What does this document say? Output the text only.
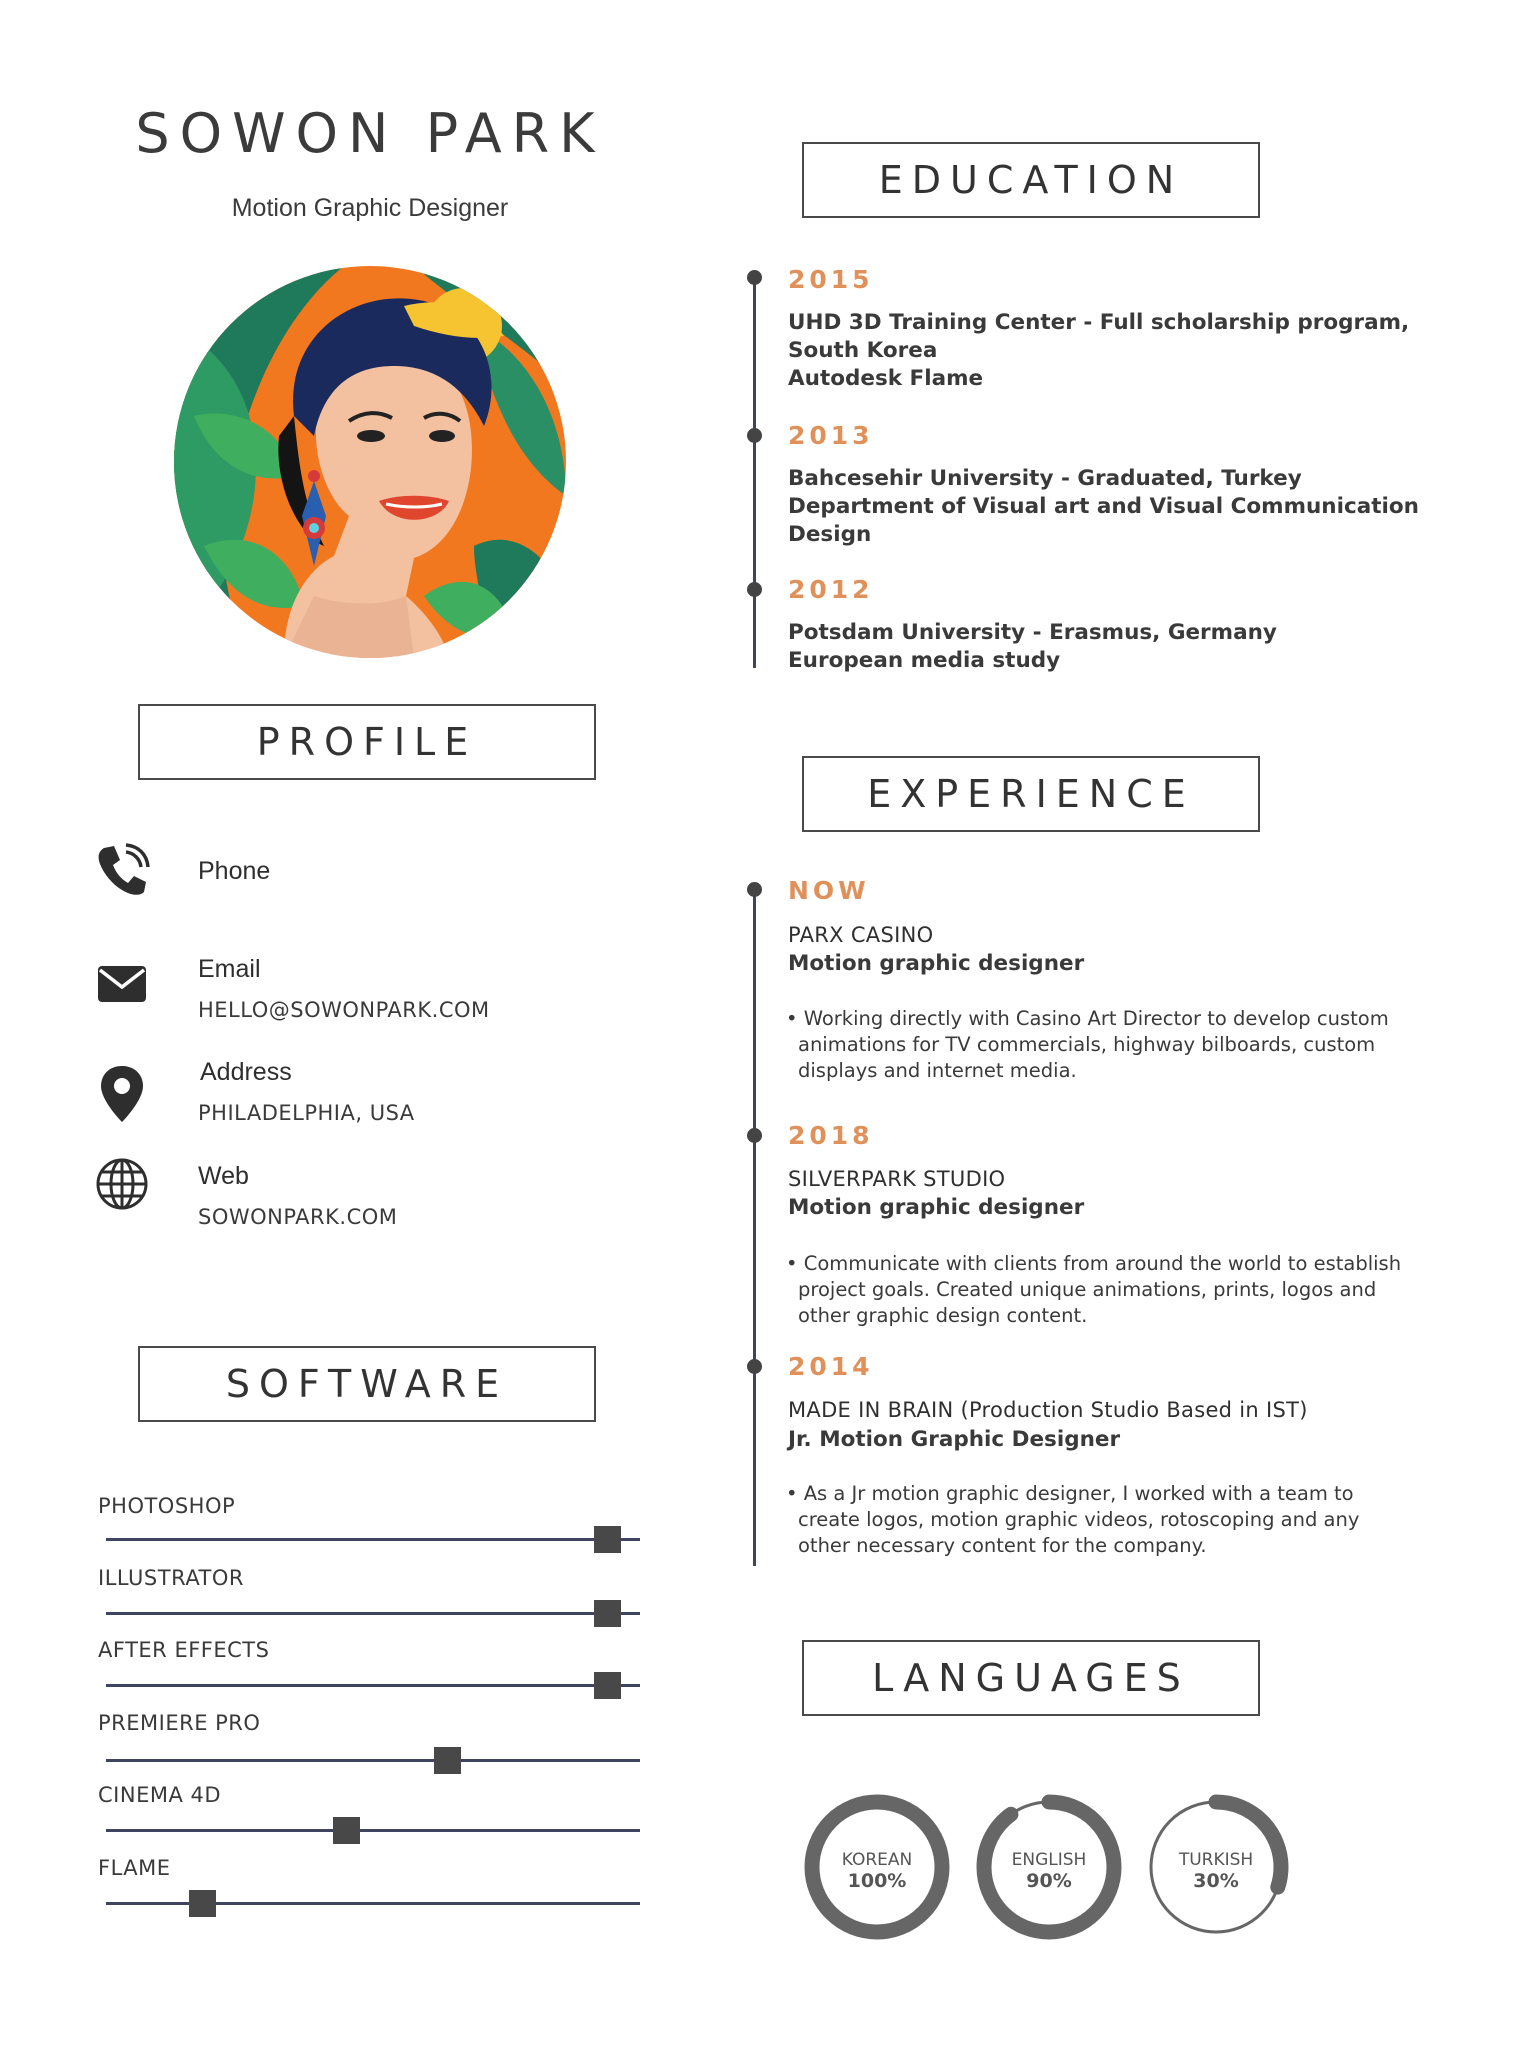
SOWON PARK
Motion Graphic Designer
PROFILE
Phone
Email
HELLO@SOWONPARK.COM
Address
PHILADELPHIA, USA
Web
SOWONPARK.COM
SOFTWARE
PHOTOSHOP
ILLUSTRATOR
AFTER EFFECTS
PREMIERE PRO
CINEMA 4D
FLAME
EDUCATION
2015
UHD 3D Training Center - Full scholarship program,
South Korea
Autodesk Flame
2013
Bahcesehir University - Graduated, Turkey
Department of Visual art and Visual Communication
Design
2012
Potsdam University - Erasmus, Germany
European media study
EXPERIENCE
NOW
PARX CASINO
Motion graphic designer
• Working directly with Casino Art Director to develop custom animations for TV commercials, highway bilboards, custom displays and internet media.
2018
SILVERPARK STUDIO
Motion graphic designer
• Communicate with clients from around the world to establish project goals. Created unique animations, prints, logos and other graphic design content.
2014
MADE IN BRAIN (Production Studio Based in IST)
Jr. Motion Graphic Designer
• As a Jr motion graphic designer, I worked with a team to create logos, motion graphic videos, rotoscoping and any other necessary content for the company.
LANGUAGES
KOREAN
100%
ENGLISH
90%
TURKISH
30%
